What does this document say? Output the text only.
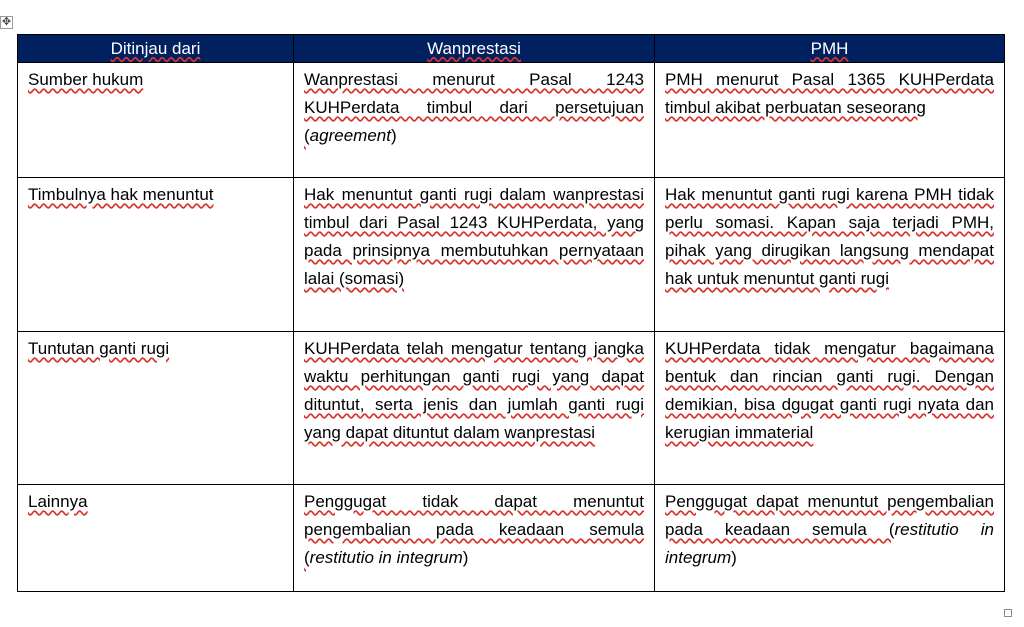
✥
Ditinjau dari	Wanprestasi	PMH
Sumber hukum	Wanprestasi menurut Pasal 1243 KUHPerdata timbul dari persetujuan (agreement)	PMH menurut Pasal 1365 KUHPerdata timbul akibat perbuatan seseorang
Timbulnya hak menuntut	Hak menuntut ganti rugi dalam wanprestasi timbul dari Pasal 1243 KUHPerdata, yang pada prinsipnya membutuhkan pernyataan lalai (somasi)	Hak menuntut ganti rugi karena PMH tidak perlu somasi. Kapan saja terjadi PMH, pihak yang dirugikan langsung mendapat hak untuk menuntut ganti rugi
Tuntutan ganti rugi	KUHPerdata telah mengatur tentang jangka waktu perhitungan ganti rugi yang dapat dituntut, serta jenis dan jumlah ganti rugi yang dapat dituntut dalam wanprestasi	KUHPerdata tidak mengatur bagaimana bentuk dan rincian ganti rugi. Dengan demikian, bisa dgugat ganti rugi nyata dan kerugian immaterial
Lainnya	Penggugat tidak dapat menuntut pengembalian pada keadaan semula (restitutio in integrum)	Penggugat dapat menuntut pengembalian pada keadaan semula (restitutio in integrum)
